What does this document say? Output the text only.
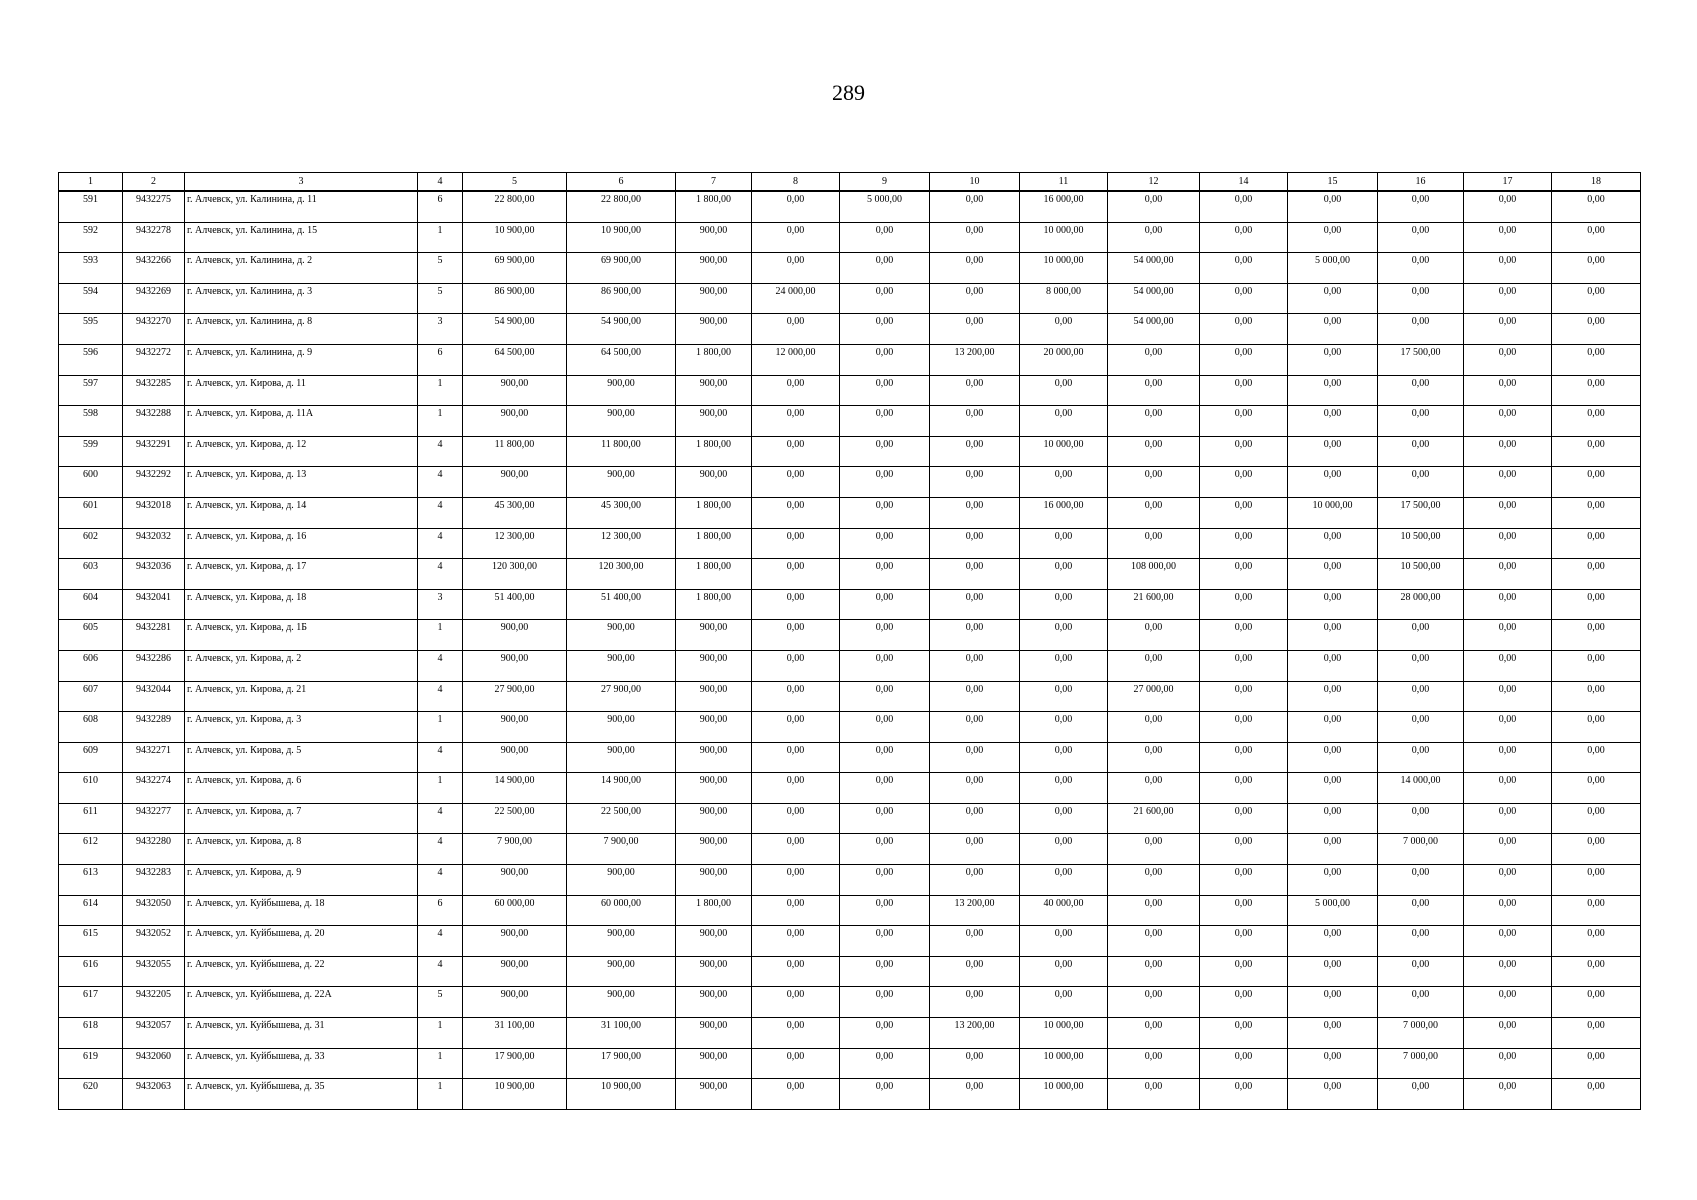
289
1	2	3	4	5	6	7	8	9	10	11	12	14	15	16	17	18
591	9432275	г. Алчевск, ул. Калинина, д. 11	6	22 800,00	22 800,00	1 800,00	0,00	5 000,00	0,00	16 000,00	0,00	0,00	0,00	0,00	0,00	0,00
592	9432278	г. Алчевск, ул. Калинина, д. 15	1	10 900,00	10 900,00	900,00	0,00	0,00	0,00	10 000,00	0,00	0,00	0,00	0,00	0,00	0,00
593	9432266	г. Алчевск, ул. Калинина, д. 2	5	69 900,00	69 900,00	900,00	0,00	0,00	0,00	10 000,00	54 000,00	0,00	5 000,00	0,00	0,00	0,00
594	9432269	г. Алчевск, ул. Калинина, д. 3	5	86 900,00	86 900,00	900,00	24 000,00	0,00	0,00	8 000,00	54 000,00	0,00	0,00	0,00	0,00	0,00
595	9432270	г. Алчевск, ул. Калинина, д. 8	3	54 900,00	54 900,00	900,00	0,00	0,00	0,00	0,00	54 000,00	0,00	0,00	0,00	0,00	0,00
596	9432272	г. Алчевск, ул. Калинина, д. 9	6	64 500,00	64 500,00	1 800,00	12 000,00	0,00	13 200,00	20 000,00	0,00	0,00	0,00	17 500,00	0,00	0,00
597	9432285	г. Алчевск, ул. Кирова, д. 11	1	900,00	900,00	900,00	0,00	0,00	0,00	0,00	0,00	0,00	0,00	0,00	0,00	0,00
598	9432288	г. Алчевск, ул. Кирова, д. 11А	1	900,00	900,00	900,00	0,00	0,00	0,00	0,00	0,00	0,00	0,00	0,00	0,00	0,00
599	9432291	г. Алчевск, ул. Кирова, д. 12	4	11 800,00	11 800,00	1 800,00	0,00	0,00	0,00	10 000,00	0,00	0,00	0,00	0,00	0,00	0,00
600	9432292	г. Алчевск, ул. Кирова, д. 13	4	900,00	900,00	900,00	0,00	0,00	0,00	0,00	0,00	0,00	0,00	0,00	0,00	0,00
601	9432018	г. Алчевск, ул. Кирова, д. 14	4	45 300,00	45 300,00	1 800,00	0,00	0,00	0,00	16 000,00	0,00	0,00	10 000,00	17 500,00	0,00	0,00
602	9432032	г. Алчевск, ул. Кирова, д. 16	4	12 300,00	12 300,00	1 800,00	0,00	0,00	0,00	0,00	0,00	0,00	0,00	10 500,00	0,00	0,00
603	9432036	г. Алчевск, ул. Кирова, д. 17	4	120 300,00	120 300,00	1 800,00	0,00	0,00	0,00	0,00	108 000,00	0,00	0,00	10 500,00	0,00	0,00
604	9432041	г. Алчевск, ул. Кирова, д. 18	3	51 400,00	51 400,00	1 800,00	0,00	0,00	0,00	0,00	21 600,00	0,00	0,00	28 000,00	0,00	0,00
605	9432281	г. Алчевск, ул. Кирова, д. 1Б	1	900,00	900,00	900,00	0,00	0,00	0,00	0,00	0,00	0,00	0,00	0,00	0,00	0,00
606	9432286	г. Алчевск, ул. Кирова, д. 2	4	900,00	900,00	900,00	0,00	0,00	0,00	0,00	0,00	0,00	0,00	0,00	0,00	0,00
607	9432044	г. Алчевск, ул. Кирова, д. 21	4	27 900,00	27 900,00	900,00	0,00	0,00	0,00	0,00	27 000,00	0,00	0,00	0,00	0,00	0,00
608	9432289	г. Алчевск, ул. Кирова, д. 3	1	900,00	900,00	900,00	0,00	0,00	0,00	0,00	0,00	0,00	0,00	0,00	0,00	0,00
609	9432271	г. Алчевск, ул. Кирова, д. 5	4	900,00	900,00	900,00	0,00	0,00	0,00	0,00	0,00	0,00	0,00	0,00	0,00	0,00
610	9432274	г. Алчевск, ул. Кирова, д. 6	1	14 900,00	14 900,00	900,00	0,00	0,00	0,00	0,00	0,00	0,00	0,00	14 000,00	0,00	0,00
611	9432277	г. Алчевск, ул. Кирова, д. 7	4	22 500,00	22 500,00	900,00	0,00	0,00	0,00	0,00	21 600,00	0,00	0,00	0,00	0,00	0,00
612	9432280	г. Алчевск, ул. Кирова, д. 8	4	7 900,00	7 900,00	900,00	0,00	0,00	0,00	0,00	0,00	0,00	0,00	7 000,00	0,00	0,00
613	9432283	г. Алчевск, ул. Кирова, д. 9	4	900,00	900,00	900,00	0,00	0,00	0,00	0,00	0,00	0,00	0,00	0,00	0,00	0,00
614	9432050	г. Алчевск, ул. Куйбышева, д. 18	6	60 000,00	60 000,00	1 800,00	0,00	0,00	13 200,00	40 000,00	0,00	0,00	5 000,00	0,00	0,00	0,00
615	9432052	г. Алчевск, ул. Куйбышева, д. 20	4	900,00	900,00	900,00	0,00	0,00	0,00	0,00	0,00	0,00	0,00	0,00	0,00	0,00
616	9432055	г. Алчевск, ул. Куйбышева, д. 22	4	900,00	900,00	900,00	0,00	0,00	0,00	0,00	0,00	0,00	0,00	0,00	0,00	0,00
617	9432205	г. Алчевск, ул. Куйбышева, д. 22А	5	900,00	900,00	900,00	0,00	0,00	0,00	0,00	0,00	0,00	0,00	0,00	0,00	0,00
618	9432057	г. Алчевск, ул. Куйбышева, д. 31	1	31 100,00	31 100,00	900,00	0,00	0,00	13 200,00	10 000,00	0,00	0,00	0,00	7 000,00	0,00	0,00
619	9432060	г. Алчевск, ул. Куйбышева, д. 33	1	17 900,00	17 900,00	900,00	0,00	0,00	0,00	10 000,00	0,00	0,00	0,00	7 000,00	0,00	0,00
620	9432063	г. Алчевск, ул. Куйбышева, д. 35	1	10 900,00	10 900,00	900,00	0,00	0,00	0,00	10 000,00	0,00	0,00	0,00	0,00	0,00	0,00
